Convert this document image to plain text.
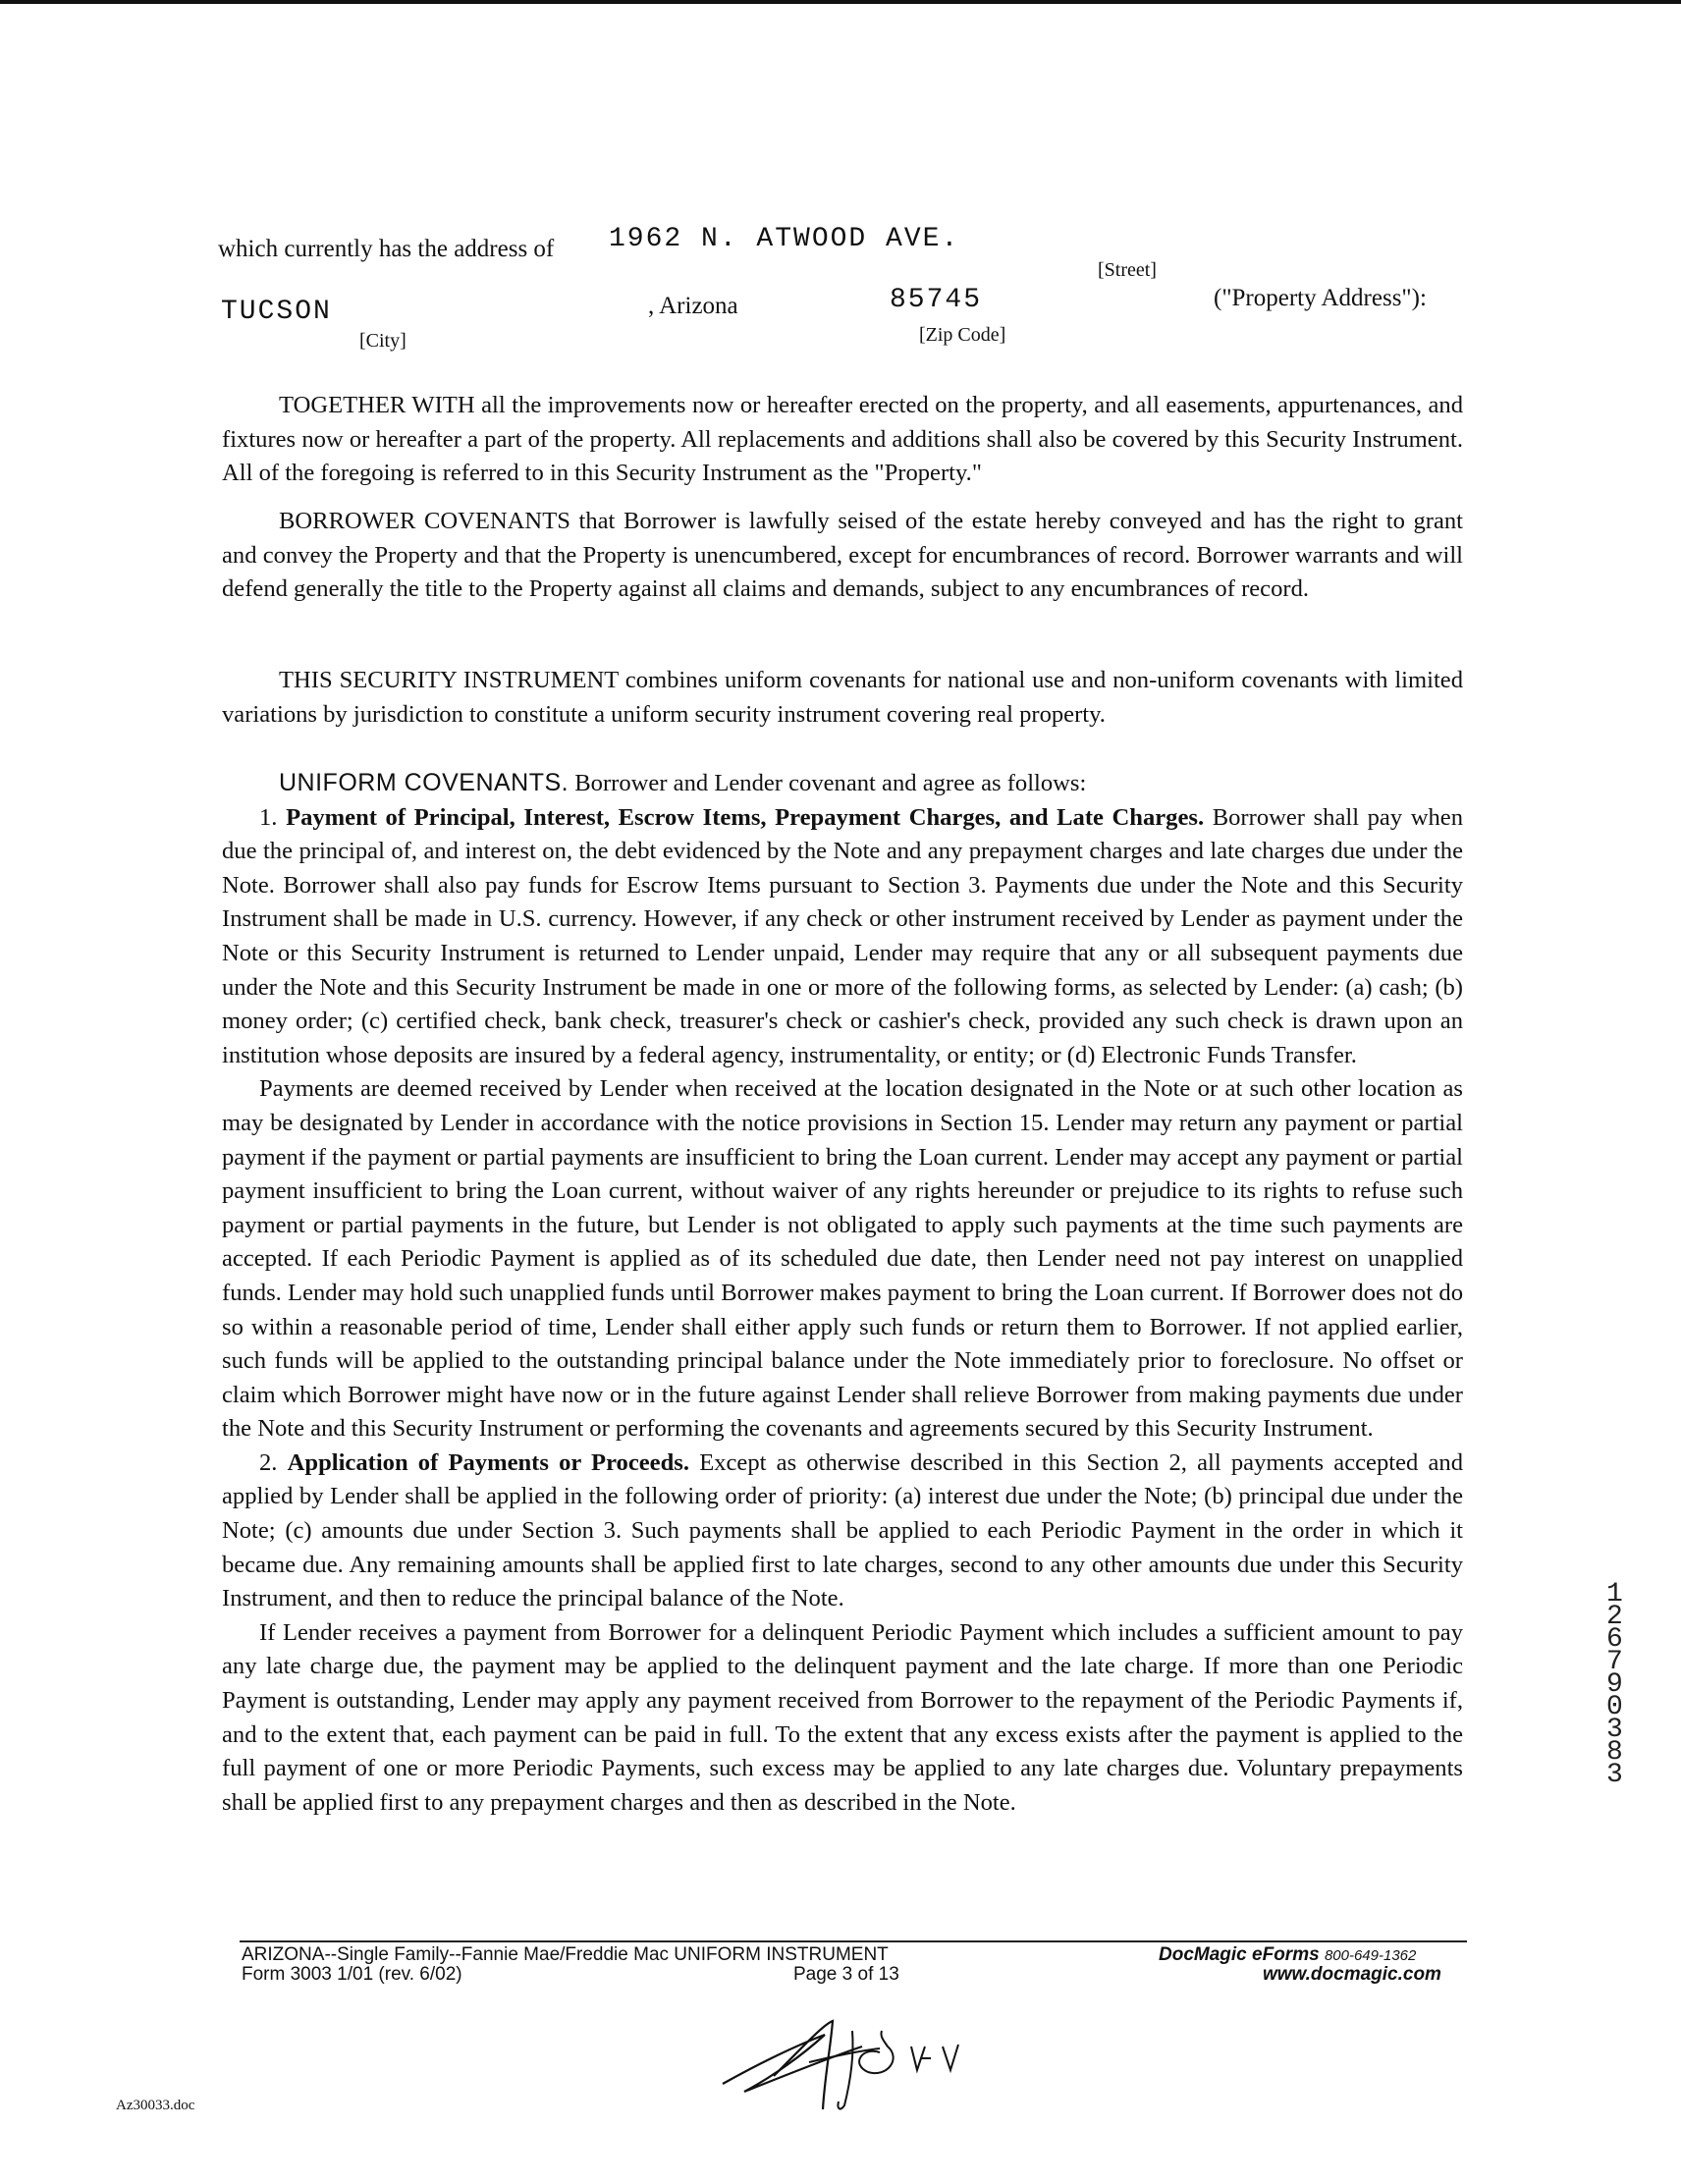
which currently has the address of 1962 N. ATWOOD AVE.
[Street]
TUCSON	, Arizona	85745	("Property Address"):
[City]	[Zip Code]

TOGETHER WITH all the improvements now or hereafter erected on the property, and all easements, appurtenances, and fixtures now or hereafter a part of the property. All replacements and additions shall also be covered by this Security Instrument. All of the foregoing is referred to in this Security Instrument as the "Property."

BORROWER COVENANTS that Borrower is lawfully seised of the estate hereby conveyed and has the right to grant and convey the Property and that the Property is unencumbered, except for encumbrances of record. Borrower warrants and will defend generally the title to the Property against all claims and demands, subject to any encumbrances of record.

THIS SECURITY INSTRUMENT combines uniform covenants for national use and non-uniform covenants with limited variations by jurisdiction to constitute a uniform security instrument covering real property.

UNIFORM COVENANTS. Borrower and Lender covenant and agree as follows:

1. Payment of Principal, Interest, Escrow Items, Prepayment Charges, and Late Charges. Borrower shall pay when due the principal of, and interest on, the debt evidenced by the Note and any prepayment charges and late charges due under the Note. Borrower shall also pay funds for Escrow Items pursuant to Section 3. Payments due under the Note and this Security Instrument shall be made in U.S. currency. However, if any check or other instrument received by Lender as payment under the Note or this Security Instrument is returned to Lender unpaid, Lender may require that any or all subsequent payments due under the Note and this Security Instrument be made in one or more of the following forms, as selected by Lender: (a) cash; (b) money order; (c) certified check, bank check, treasurer's check or cashier's check, provided any such check is drawn upon an institution whose deposits are insured by a federal agency, instrumentality, or entity; or (d) Electronic Funds Transfer.

Payments are deemed received by Lender when received at the location designated in the Note or at such other location as may be designated by Lender in accordance with the notice provisions in Section 15. Lender may return any payment or partial payment if the payment or partial payments are insufficient to bring the Loan current. Lender may accept any payment or partial payment insufficient to bring the Loan current, without waiver of any rights hereunder or prejudice to its rights to refuse such payment or partial payments in the future, but Lender is not obligated to apply such payments at the time such payments are accepted. If each Periodic Payment is applied as of its scheduled due date, then Lender need not pay interest on unapplied funds. Lender may hold such unapplied funds until Borrower makes payment to bring the Loan current. If Borrower does not do so within a reasonable period of time, Lender shall either apply such funds or return them to Borrower. If not applied earlier, such funds will be applied to the outstanding principal balance under the Note immediately prior to foreclosure. No offset or claim which Borrower might have now or in the future against Lender shall relieve Borrower from making payments due under the Note and this Security Instrument or performing the covenants and agreements secured by this Security Instrument.

2. Application of Payments or Proceeds. Except as otherwise described in this Section 2, all payments accepted and applied by Lender shall be applied in the following order of priority: (a) interest due under the Note; (b) principal due under the Note; (c) amounts due under Section 3. Such payments shall be applied to each Periodic Payment in the order in which it became due. Any remaining amounts shall be applied first to late charges, second to any other amounts due under this Security Instrument, and then to reduce the principal balance of the Note.

If Lender receives a payment from Borrower for a delinquent Periodic Payment which includes a sufficient amount to pay any late charge due, the payment may be applied to the delinquent payment and the late charge. If more than one Periodic Payment is outstanding, Lender may apply any payment received from Borrower to the repayment of the Periodic Payments if, and to the extent that, each payment can be paid in full. To the extent that any excess exists after the payment is applied to the full payment of one or more Periodic Payments, such excess may be applied to any late charges due. Voluntary prepayments shall be applied first to any prepayment charges and then as described in the Note.

12679 0383
ARIZONA--Single Family--Fannie Mae/Freddie Mac UNIFORM INSTRUMENT
Form 3003 1/01 (rev. 6/02)	Page 3 of 13
DocMagic eForms 800-649-1362
www.docmagic.com
Az30033.doc
